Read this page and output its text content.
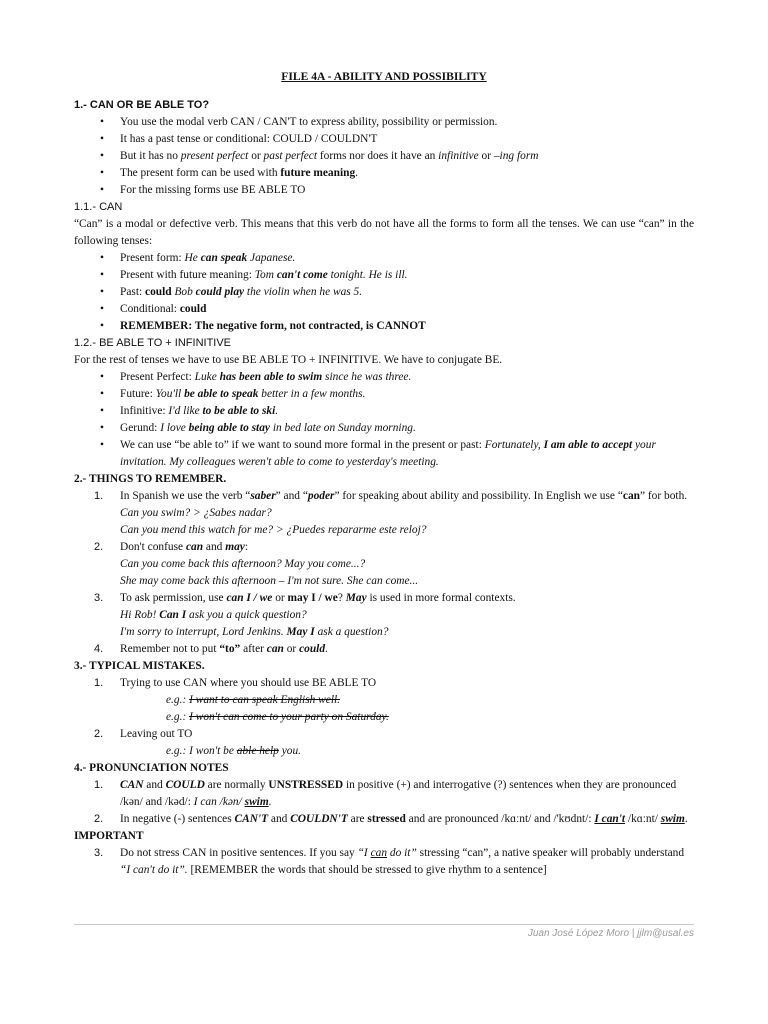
FILE 4A - ABILITY AND POSSIBILITY
1.- CAN OR BE ABLE TO?
• You use the modal verb CAN / CAN'T to express ability, possibility or permission.
• It has a past tense or conditional: COULD / COULDN'T
• But it has no present perfect or past perfect forms nor does it have an infinitive or –ing form
• The present form can be used with future meaning.
• For the missing forms use BE ABLE TO
1.1.- CAN
“Can” is a modal or defective verb. This means that this verb do not have all the forms to form all the tenses. We can use “can” in the following tenses:
• Present form: He can speak Japanese.
• Present with future meaning: Tom can't come tonight. He is ill.
• Past: could Bob could play the violin when he was 5.
• Conditional: could
• REMEMBER: The negative form, not contracted, is CANNOT
1.2.- BE ABLE TO + INFINITIVE
For the rest of tenses we have to use BE ABLE TO + INFINITIVE. We have to conjugate BE.
• Present Perfect: Luke has been able to swim since he was three.
• Future: You'll be able to speak better in a few months.
• Infinitive: I'd like to be able to ski.
• Gerund: I love being able to stay in bed late on Sunday morning.
• We can use “be able to” if we want to sound more formal in the present or past: Fortunately, I am able to accept your invitation. My colleagues weren't able to come to yesterday's meeting.
2.- THINGS TO REMEMBER.
1. In Spanish we use the verb “saber” and “poder” for speaking about ability and possibility. In English we use “can” for both.
Can you swim? > ¿Sabes nadar?
Can you mend this watch for me? > ¿Puedes repararme este reloj?
2. Don't confuse can and may:
Can you come back this afternoon? May you come...?
She may come back this afternoon – I'm not sure. She can come...
3. To ask permission, use can I / we or may I / we? May is used in more formal contexts.
Hi Rob! Can I ask you a quick question?
I'm sorry to interrupt, Lord Jenkins. May I ask a question?
4. Remember not to put “to” after can or could.
3.- TYPICAL MISTAKES.
1. Trying to use CAN where you should use BE ABLE TO
e.g.: I want to can speak English well.
e.g.: I won't can come to your party on Saturday.
2. Leaving out TO
e.g.: I won't be able help you.
4.- PRONUNCIATION NOTES
1. CAN and COULD are normally UNSTRESSED in positive (+) and interrogative (?) sentences when they are pronounced /kən/ and /kəd/: I can /kən/ swim.
2. In negative (-) sentences CAN'T and COULDN'T are stressed and are pronounced /kɑːnt/ and /'kʊdnt/: I can't /kɑːnt/ swim.
IMPORTANT
3. Do not stress CAN in positive sentences. If you say “I can do it” stressing “can”, a native speaker will probably understand “I can't do it”. [REMEMBER the words that should be stressed to give rhythm to a sentence]
Juan José López Moro | jjlm@usal.es
